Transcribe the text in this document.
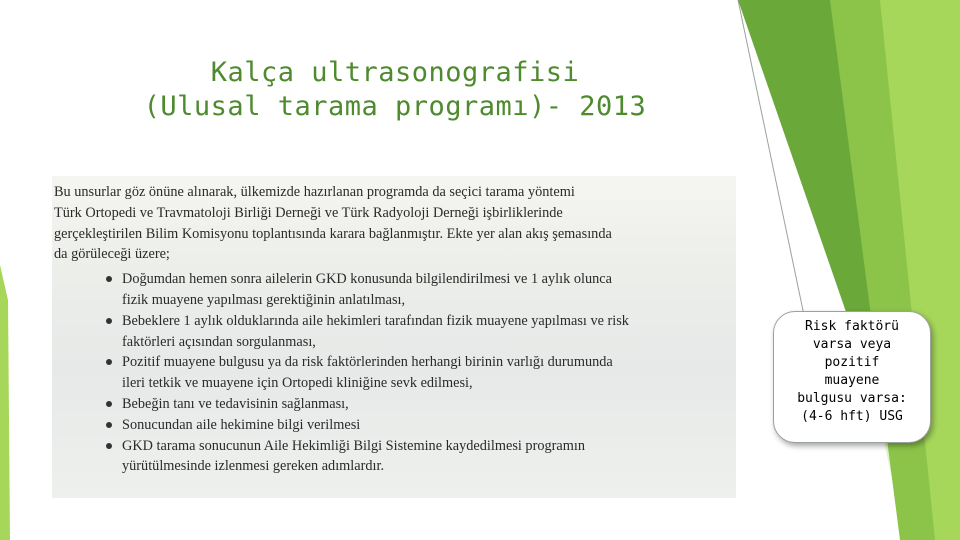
Kalça ultrasonografisi
(Ulusal tarama programı)- 2013
Bu unsurlar göz önüne alınarak, ülkemizde hazırlanan programda da seçici tarama yöntemi
Türk Ortopedi ve Travmatoloji Birliği Derneği ve Türk Radyoloji Derneği işbirliklerinde
gerçekleştirilen Bilim Komisyonu toplantısında karara bağlanmıştır. Ekte yer alan akış şemasında
da görüleceği üzere;
Doğumdan hemen sonra ailelerin GKD konusunda bilgilendirilmesi ve 1 aylık olunca
fizik muayene yapılması gerektiğinin anlatılması,
Bebeklere 1 aylık olduklarında aile hekimleri tarafından fizik muayene yapılması ve risk
faktörleri açısından sorgulanması,
Pozitif muayene bulgusu ya da risk faktörlerinden herhangi birinin varlığı durumunda
ileri tetkik ve muayene için Ortopedi kliniğine sevk edilmesi,
Bebeğin tanı ve tedavisinin sağlanması,
Sonucundan aile hekimine bilgi verilmesi
GKD tarama sonucunun Aile Hekimliği Bilgi Sistemine kaydedilmesi programın
yürütülmesinde izlenmesi gereken adımlardır.
Risk faktörü
varsa veya
pozitif
muayene
bulgusu varsa:
(4-6 hft) USG
